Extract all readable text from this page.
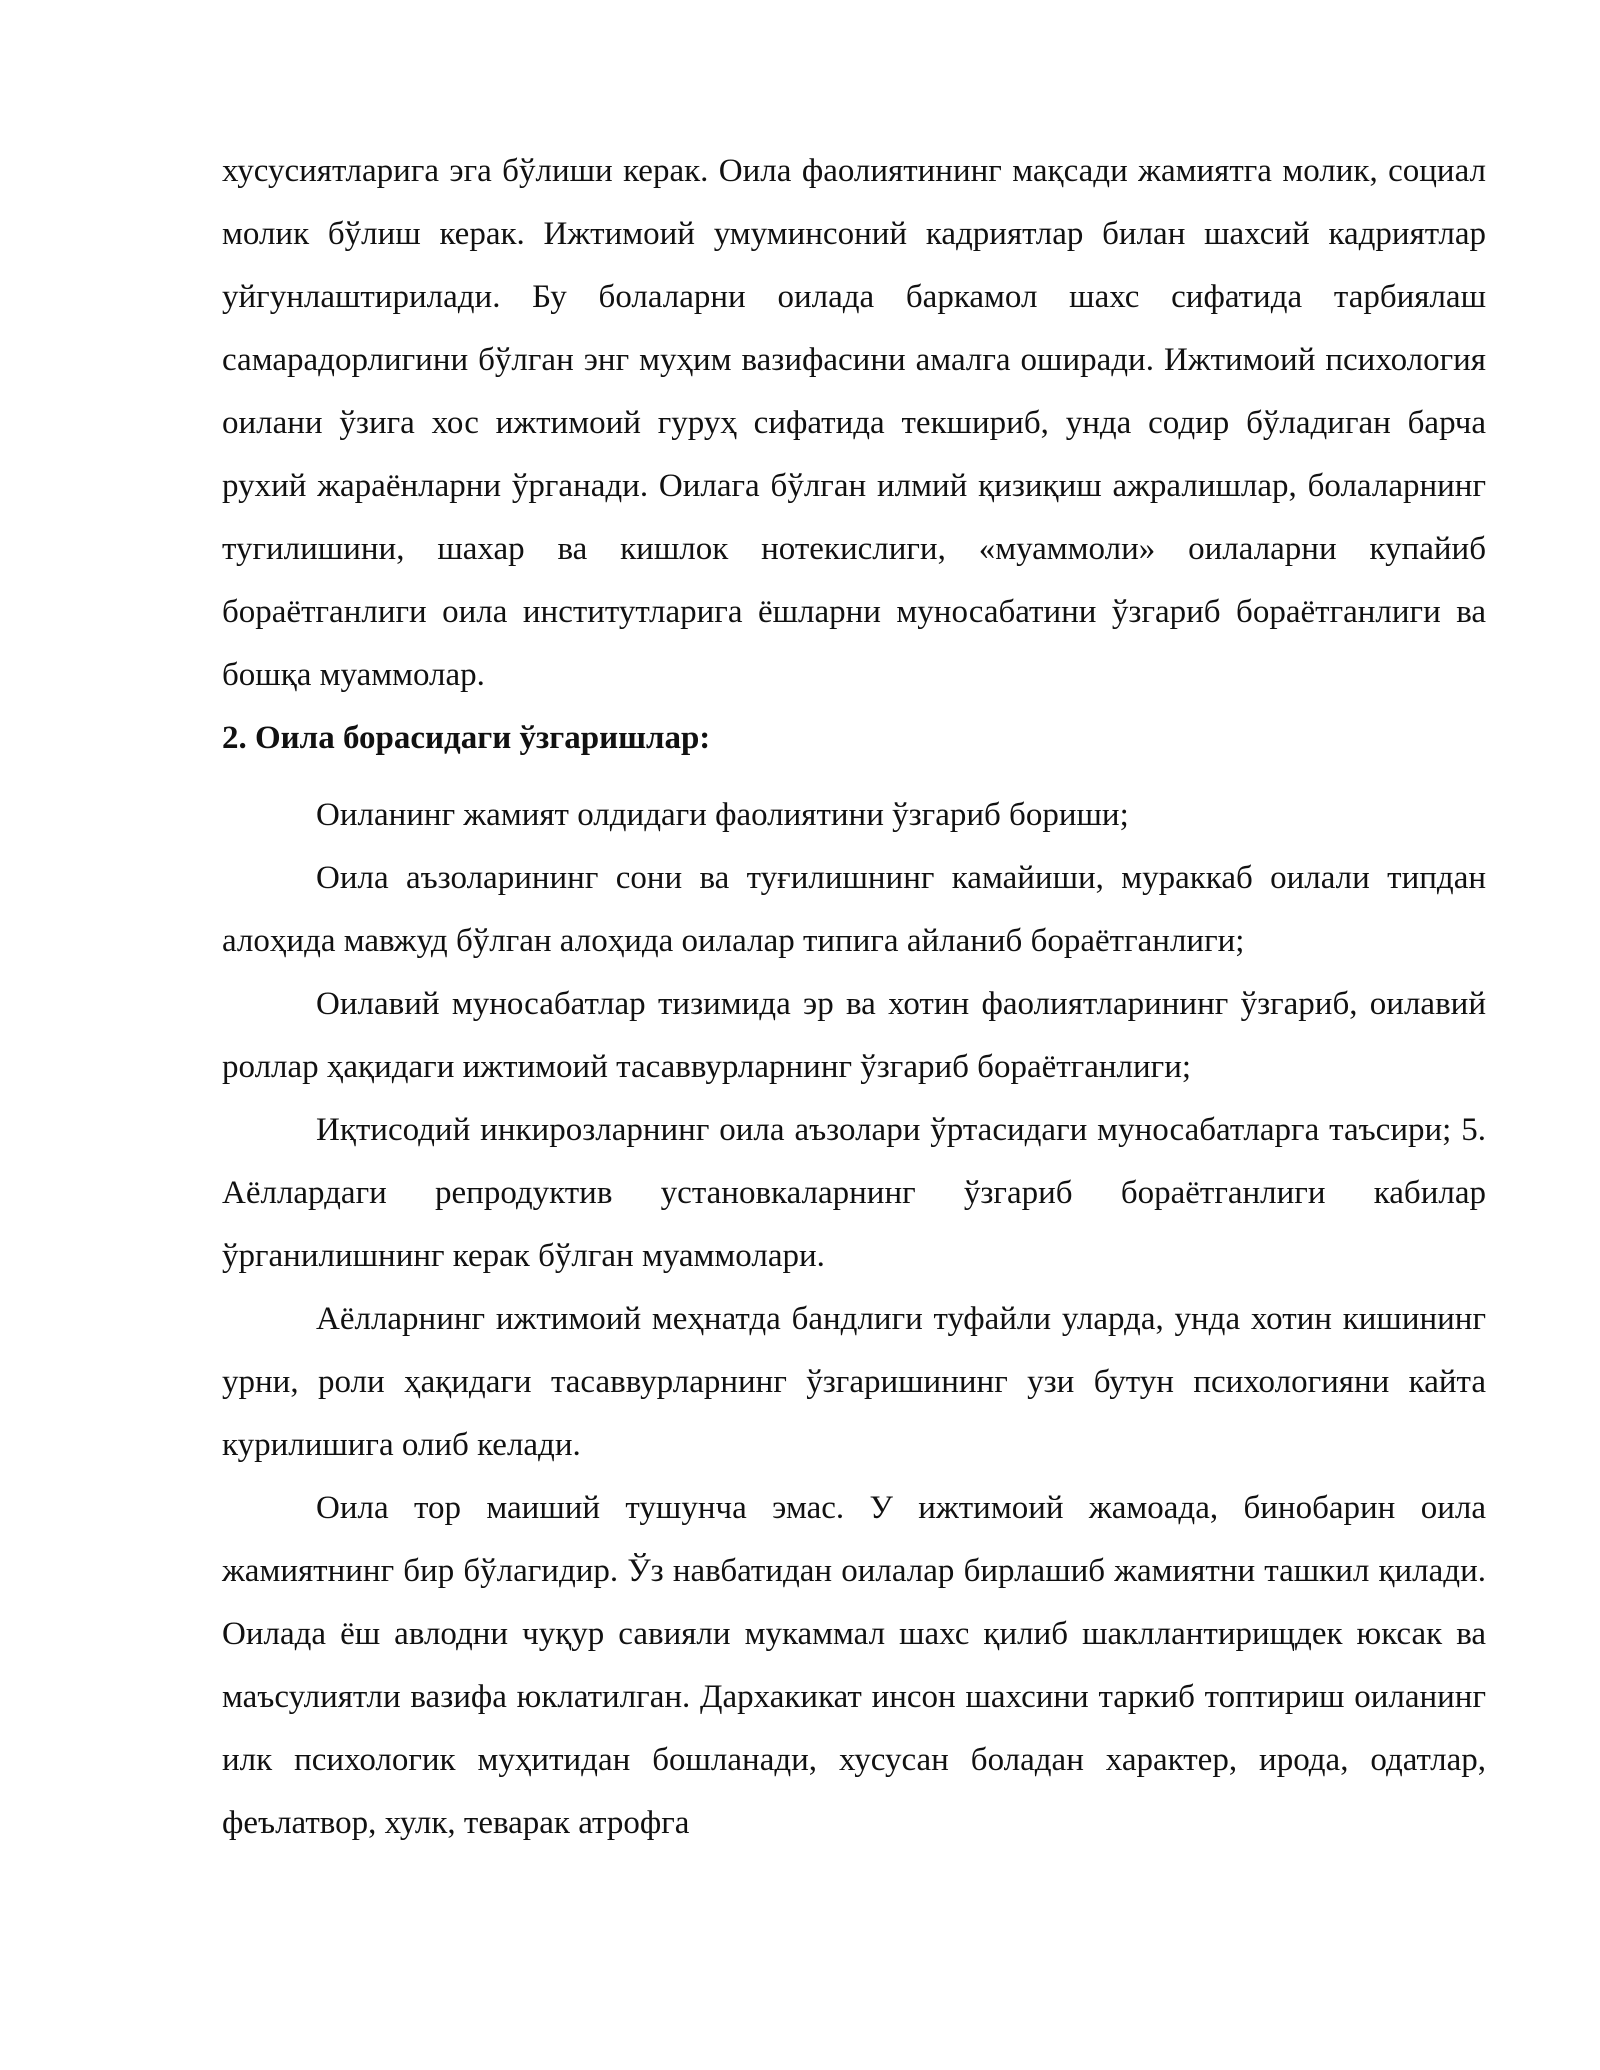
хусусиятларига эга бўлиши керак. Оила фаолиятининг мақсади жамиятга молик, социал молик бўлиш керак. Ижтимоий умуминсоний кадриятлар билан шахсий кадриятлар уйгунлаштирилади. Бу болаларни оилада баркамол шахс сифатида тарбиялаш самарадорлигини бўлган энг муҳим вазифасини амалга оширади. Ижтимоий психология оилани ўзига хос ижтимоий гуруҳ сифатида текшириб, унда содир бўладиган барча рухий жараёнларни ўрганади. Оилага бўлган илмий қизиқиш ажралишлар, болаларнинг тугилишини, шахар ва кишлок нотекислиги, «муаммоли» оилаларни купайиб бораётганлиги оила институтларига ёшларни муносабатини ўзгариб бораётганлиги ва бошқа муаммолар.

2. Оила борасидаги ўзгаришлар:

Оиланинг жамият олдидаги фаолиятини ўзгариб бориши;

Оила аъзоларининг сони ва туғилишнинг камайиши, мураккаб оилали типдан алоҳида мавжуд бўлган алоҳида оилалар типига айланиб бораётганлиги;

Оилавий муносабатлар тизимида эр ва хотин фаолиятларининг ўзгариб, оилавий роллар ҳақидаги ижтимоий тасаввурларнинг ўзгариб бораётганлиги;

Иқтисодий инкирозларнинг оила аъзолари ўртасидаги муносабатларга таъсири; 5. Аёллардаги репродуктив установкаларнинг ўзгариб бораётганлиги кабилар ўрганилишнинг керак бўлган муаммолари.

Аёлларнинг ижтимоий меҳнатда бандлиги туфайли уларда, унда хотин кишининг урни, роли ҳақидаги тасаввурларнинг ўзгаришининг узи бутун психологияни кайта курилишига олиб келади.

Оила тор маиший тушунча эмас. У ижтимоий жамоада, бинобарин оила жамиятнинг бир бўлагидир. Ўз навбатидан оилалар бирлашиб жамиятни ташкил қилади. Оилада ёш авлодни чуқур савияли мукаммал шахс қилиб шакллантирищдек юксак ва маъсулиятли вазифа юклатилган. Дархакикат инсон шахсини таркиб топтириш оиланинг илк психологик муҳитидан бошланади, хусусан боладан характер, ирода, одатлар, феълатвор, хулк, теварак атрофга
